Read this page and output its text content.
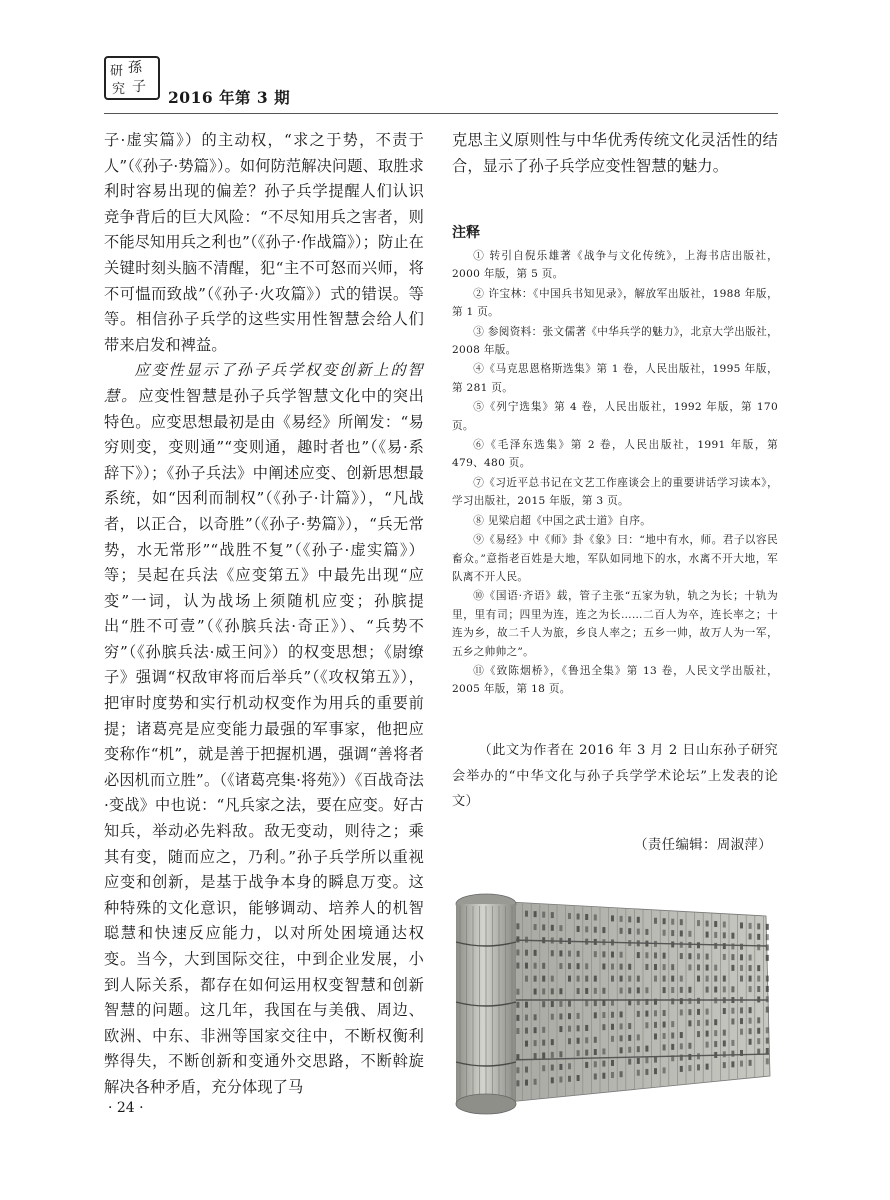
研 孫
究 子
2016 年第 3 期

子·虚实篇》）的主动权，“求之于势，不责于人”（《孙子·势篇》）。如何防范解决问题、取胜求利时容易出现的偏差？孙子兵学提醒人们认识竞争背后的巨大风险：“不尽知用兵之害者，则不能尽知用兵之利也”（《孙子·作战篇》）；防止在关键时刻头脑不清醒，犯“主不可怒而兴师，将不可愠而致战”（《孙子·火攻篇》）式的错误。等等。相信孙子兵学的这些实用性智慧会给人们带来启发和裨益。

应变性显示了孙子兵学权变创新上的智慧。应变性智慧是孙子兵学智慧文化中的突出特色。应变思想最初是由《易经》所阐发：“易穷则变，变则通”“变则通，趣时者也”（《易·系辞下》）；《孙子兵法》中阐述应变、创新思想最系统，如“因利而制权”（《孙子·计篇》），“凡战者，以正合，以奇胜”（《孙子·势篇》），“兵无常势，水无常形”“战胜不复”（《孙子·虚实篇》）等；吴起在兵法《应变第五》中最先出现“应变”一词，认为战场上须随机应变；孙膑提出“胜不可壹”（《孙膑兵法·奇正》）、“兵势不穷”（《孙膑兵法·威王问》）的权变思想；《尉缭子》强调“权敌审将而后举兵”（《攻权第五》），把审时度势和实行机动权变作为用兵的重要前提；诸葛亮是应变能力最强的军事家，他把应变称作“机”，就是善于把握机遇，强调“善将者必因机而立胜”。（《诸葛亮集·将苑》）《百战奇法·变战》中也说：“凡兵家之法，要在应变。好古知兵，举动必先料敌。敌无变动，则待之；乘其有变，随而应之，乃利。”孙子兵学所以重视应变和创新，是基于战争本身的瞬息万变。这种特殊的文化意识，能够调动、培养人的机智聪慧和快速反应能力，以对所处困境通达权变。当今，大到国际交往，中到企业发展，小到人际关系，都存在如何运用权变智慧和创新智慧的问题。这几年，我国在与美俄、周边、欧洲、中东、非洲等国家交往中，不断权衡利弊得失，不断创新和变通外交思路，不断斡旋解决各种矛盾，充分体现了马

克思主义原则性与中华优秀传统文化灵活性的结合，显示了孙子兵学应变性智慧的魅力。

注释

① 转引自倪乐雄著《战争与文化传统》，上海书店出版社，2000 年版，第 5 页。

② 许宝林：《中国兵书知见录》，解放军出版社，1988 年版，第 1 页。

③ 参阅资料：张文儒著《中华兵学的魅力》，北京大学出版社，2008 年版。

④《马克思恩格斯选集》第 1 卷，人民出版社，1995 年版，第 281 页。

⑤《列宁选集》第 4 卷，人民出版社，1992 年版，第 170 页。

⑥《毛泽东选集》第 2 卷，人民出版社，1991 年版，第 479、480 页。

⑦《习近平总书记在文艺工作座谈会上的重要讲话学习读本》，学习出版社，2015 年版，第 3 页。

⑧ 见梁启超《中国之武士道》自序。

⑨《易经》中《师》卦《象》曰：“地中有水，师。君子以容民畜众。”意指老百姓是大地，军队如同地下的水，水离不开大地，军队离不开人民。

⑩《国语·齐语》载，管子主张“五家为轨，轨之为长；十轨为里，里有司；四里为连，连之为长……二百人为卒，连长率之；十连为乡，故二千人为旅，乡良人率之；五乡一帅，故万人为一军，五乡之帅帅之”。

⑪《致陈烟桥》，《鲁迅全集》第 13 卷，人民文学出版社，2005 年版，第 18 页。

（此文为作者在 2016 年 3 月 2 日山东孙子研究会举办的“中华文化与孙子兵学学术论坛”上发表的论文）

（责任编辑：周淑萍）
· 24 ·
